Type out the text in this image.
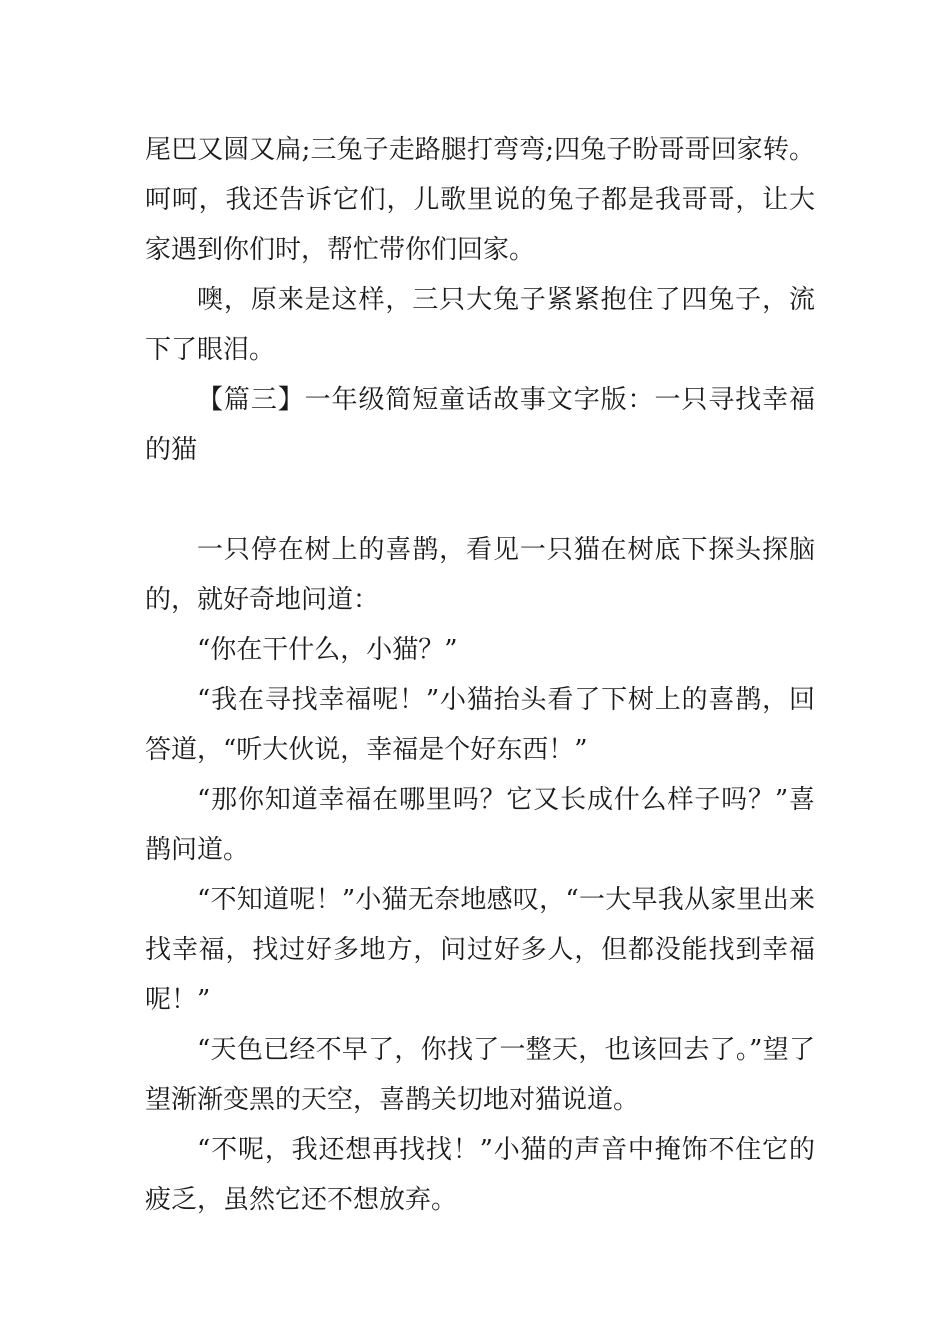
尾巴又圆又扁;三兔子走路腿打弯弯;四兔子盼哥哥回家转。呵呵，我还告诉它们，儿歌里说的兔子都是我哥哥，让大家遇到你们时，帮忙带你们回家。

噢，原来是这样，三只大兔子紧紧抱住了四兔子，流下了眼泪。

【篇三】一年级简短童话故事文字版：一只寻找幸福的猫

一只停在树上的喜鹊，看见一只猫在树底下探头探脑的，就好奇地问道：

“你在干什么，小猫？”

“我在寻找幸福呢！”小猫抬头看了下树上的喜鹊，回答道，“听大伙说，幸福是个好东西！”

“那你知道幸福在哪里吗？它又长成什么样子吗？”喜鹊问道。

“不知道呢！”小猫无奈地感叹，“一大早我从家里出来找幸福，找过好多地方，问过好多人，但都没能找到幸福呢！”

“天色已经不早了，你找了一整天，也该回去了。”望了望渐渐变黑的天空，喜鹊关切地对猫说道。

“不呢，我还想再找找！”小猫的声音中掩饰不住它的疲乏，虽然它还不想放弃。
